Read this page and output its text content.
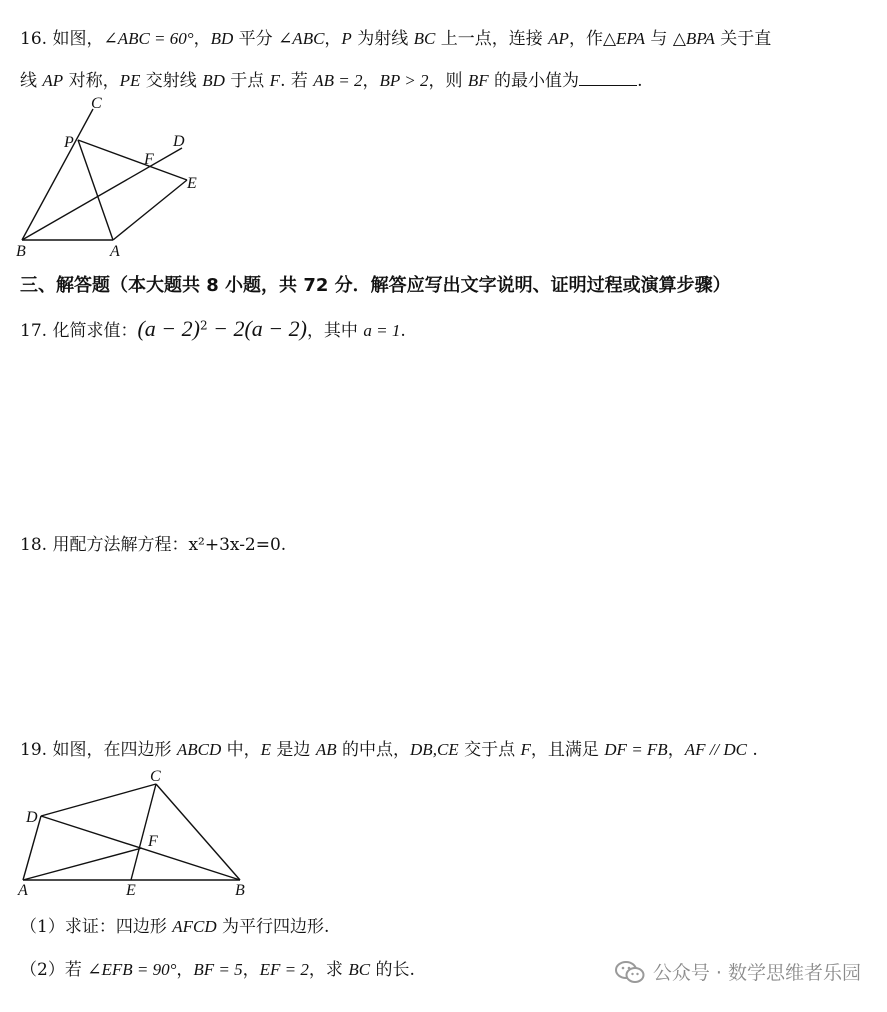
16. 如图，∠ABC = 60°，BD 平分 ∠ABC，P 为射线 BC 上一点，连接 AP，作△EPA 与 △BPA 关于直
线 AP 对称，PE 交射线 BD 于点 F. 若 AB = 2，BP > 2，则 BF 的最小值为	.
C
P
F
D
E
B	A
三、解答题（本大题共 8 小题，共 72 分．解答应写出文字说明、证明过程或演算步骤）
17. 化简求值：$(a - 2)^2 - 2(a - 2)$，其中 a = 1.
18. 用配方法解方程：x²+3x-2=0.
19. 如图，在四边形 ABCD 中，E 是边 AB 的中点，DB,CE 交于点 F，且满足 DF = FB，AF // DC .
C
D
F
A	E	B
（1）求证：四边形 AFCD 为平行四边形.
（2）若 ∠EFB = 90°，BF = 5，EF = 2，求 BC 的长.	公众号 · 数学思维者乐园
